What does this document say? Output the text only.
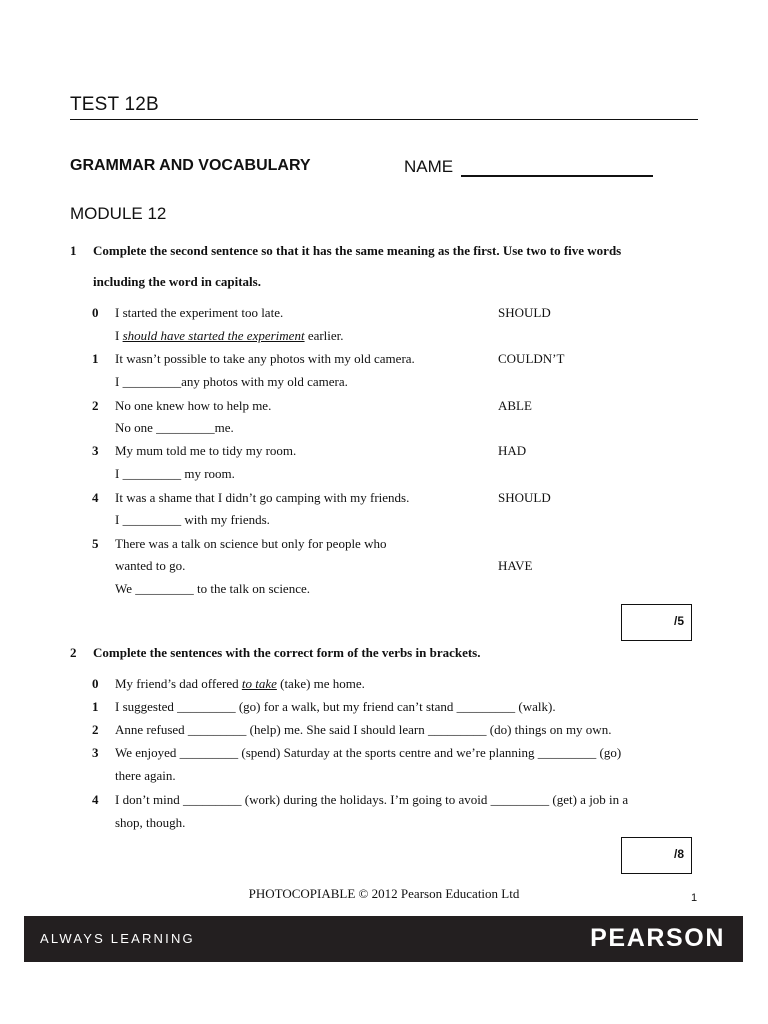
TEST 12B
GRAMMAR AND VOCABULARY	NAME
MODULE 12
1 Complete the second sentence so that it has the same meaning as the first. Use two to five words
including the word in capitals.
0 I started the experiment too late.	SHOULD
I should have started the experiment earlier.
1 It wasn’t possible to take any photos with my old camera.	COULDN’T
I _________any photos with my old camera.
2 No one knew how to help me.	ABLE
No one _________me.
3 My mum told me to tidy my room.	HAD
I _________ my room.
4 It was a shame that I didn’t go camping with my friends.	SHOULD
I _________ with my friends.
5 There was a talk on science but only for people who
wanted to go.	HAVE
We _________ to the talk on science.
/5
2 Complete the sentences with the correct form of the verbs in brackets.
0 My friend’s dad offered to take (take) me home.
1 I suggested _________ (go) for a walk, but my friend can’t stand _________ (walk).
2 Anne refused _________ (help) me. She said I should learn _________ (do) things on my own.
3 We enjoyed _________ (spend) Saturday at the sports centre and we’re planning _________ (go)
there again.
4 I don’t mind _________ (work) during the holidays. I’m going to avoid _________ (get) a job in a
shop, though.
/8
PHOTOCOPIABLE © 2012 Pearson Education Ltd	1
ALWAYS LEARNING	PEARSON
